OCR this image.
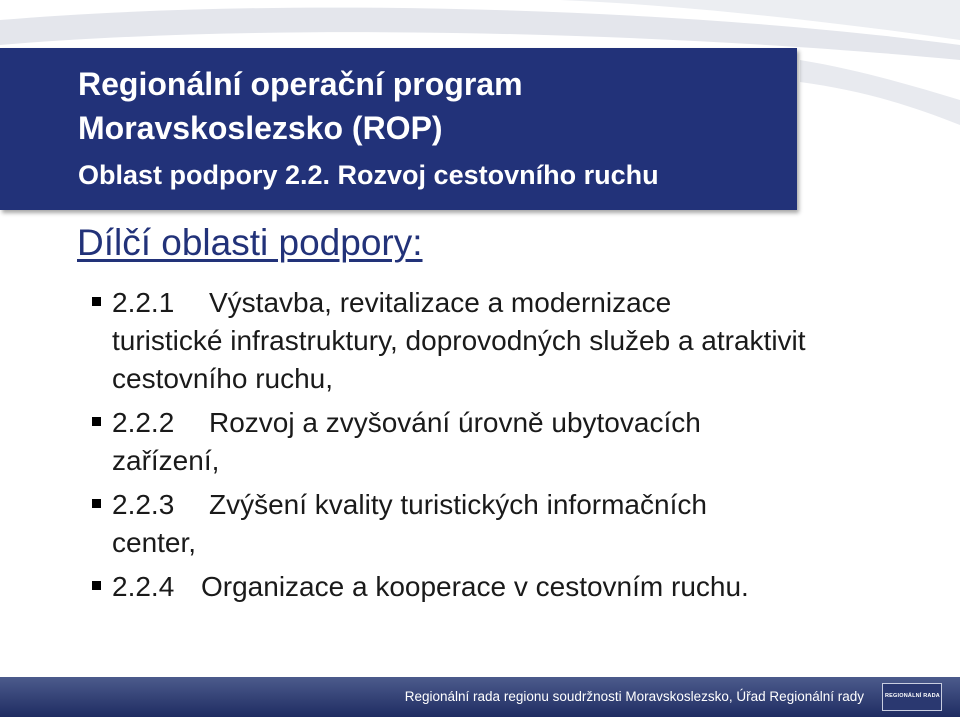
Regionální operační program
Moravskoslezsko (ROP)
Oblast podpory 2.2. Rozvoj cestovního ruchu
Dílčí oblasti podpory:
2.2.1 Výstavba, revitalizace a modernizace
turistické infrastruktury, doprovodných služeb a atraktivit cestovního ruchu,
2.2.2 Rozvoj a zvyšování úrovně ubytovacích
zařízení,
2.2.3 Zvýšení kvality turistických informačních
center,
2.2.4 Organizace a kooperace v cestovním ruchu.
Regionální rada regionu soudržnosti Moravskoslezsko, Úřad Regionální rady	REGIONÁLNÍ RADA
